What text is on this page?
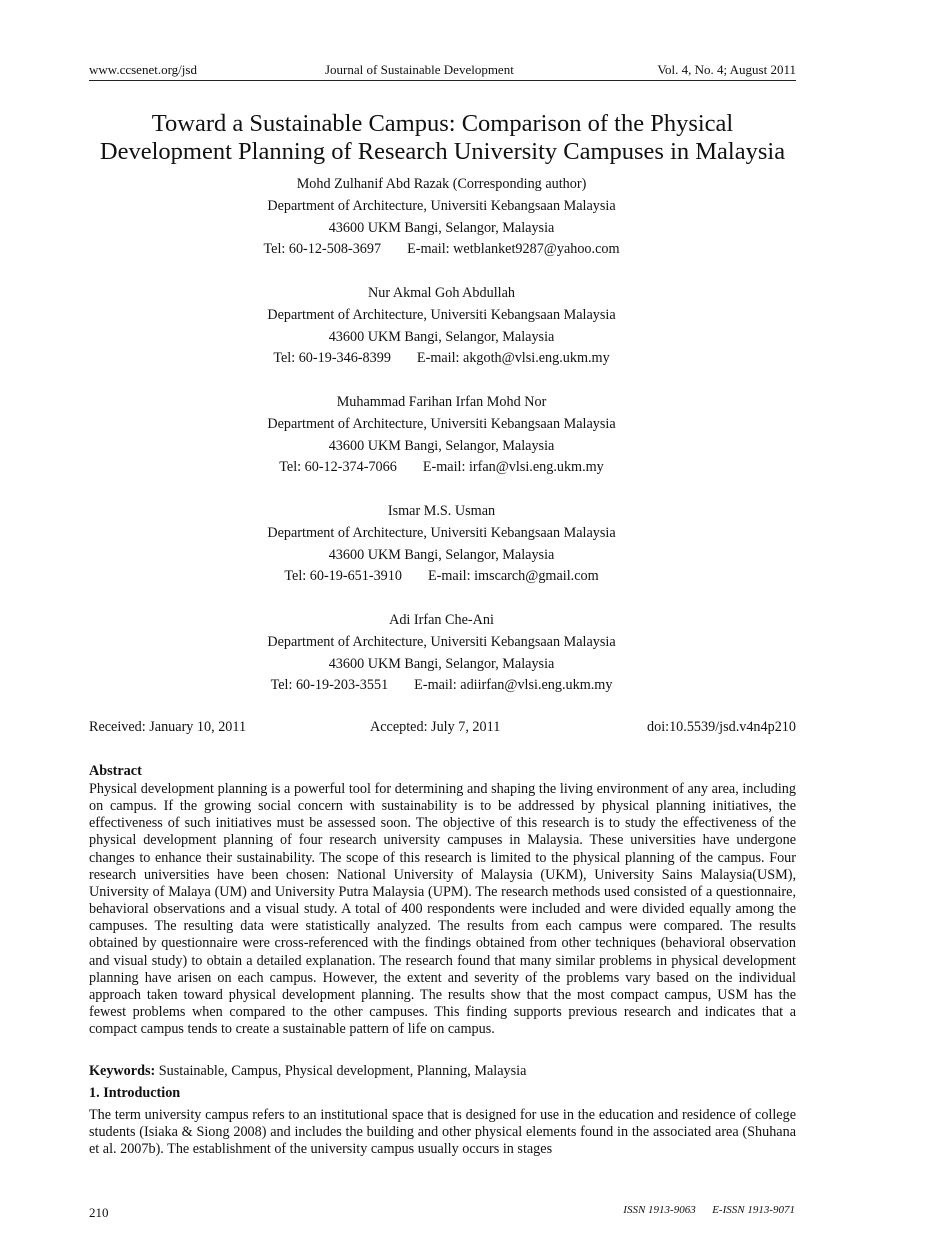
www.ccsenet.org/jsd	Journal of Sustainable Development	Vol. 4, No. 4; August 2011
Toward a Sustainable Campus: Comparison of the Physical
Development Planning of Research University Campuses in Malaysia
Mohd Zulhanif Abd Razak (Corresponding author)
Department of Architecture, Universiti Kebangsaan Malaysia
43600 UKM Bangi, Selangor, Malaysia
Tel: 60-12-508-3697 E-mail: wetblanket9287@yahoo.com
Nur Akmal Goh Abdullah
Department of Architecture, Universiti Kebangsaan Malaysia
43600 UKM Bangi, Selangor, Malaysia
Tel: 60-19-346-8399 E-mail: akgoth@vlsi.eng.ukm.my
Muhammad Farihan Irfan Mohd Nor
Department of Architecture, Universiti Kebangsaan Malaysia
43600 UKM Bangi, Selangor, Malaysia
Tel: 60-12-374-7066 E-mail: irfan@vlsi.eng.ukm.my
Ismar M.S. Usman
Department of Architecture, Universiti Kebangsaan Malaysia
43600 UKM Bangi, Selangor, Malaysia
Tel: 60-19-651-3910 E-mail: imscarch@gmail.com
Adi Irfan Che-Ani
Department of Architecture, Universiti Kebangsaan Malaysia
43600 UKM Bangi, Selangor, Malaysia
Tel: 60-19-203-3551 E-mail: adiirfan@vlsi.eng.ukm.my
Received: January 10, 2011	Accepted: July 7, 2011	doi:10.5539/jsd.v4n4p210
Abstract
Physical development planning is a powerful tool for determining and shaping the living environment of any area, including on campus. If the growing social concern with sustainability is to be addressed by physical planning initiatives, the effectiveness of such initiatives must be assessed soon. The objective of this research is to study the effectiveness of the physical development planning of four research university campuses in Malaysia. These universities have undergone changes to enhance their sustainability. The scope of this research is limited to the physical planning of the campus. Four research universities have been chosen: National University of Malaysia (UKM), University Sains Malaysia(USM), University of Malaya (UM) and University Putra Malaysia (UPM). The research methods used consisted of a questionnaire, behavioral observations and a visual study. A total of 400 respondents were included and were divided equally among the campuses. The resulting data were statistically analyzed. The results from each campus were compared. The results obtained by questionnaire were cross-referenced with the findings obtained from other techniques (behavioral observation and visual study) to obtain a detailed explanation. The research found that many similar problems in physical development planning have arisen on each campus. However, the extent and severity of the problems vary based on the individual approach taken toward physical development planning. The results show that the most compact campus, USM has the fewest problems when compared to the other campuses. This finding supports previous research and indicates that a compact campus tends to create a sustainable pattern of life on campus.
Keywords: Sustainable, Campus, Physical development, Planning, Malaysia
1. Introduction
The term university campus refers to an institutional space that is designed for use in the education and residence of college students (Isiaka & Siong 2008) and includes the building and other physical elements found in the associated area (Shuhana et al. 2007b). The establishment of the university campus usually occurs in stages
210	ISSN 1913-9063 E-ISSN 1913-9071
